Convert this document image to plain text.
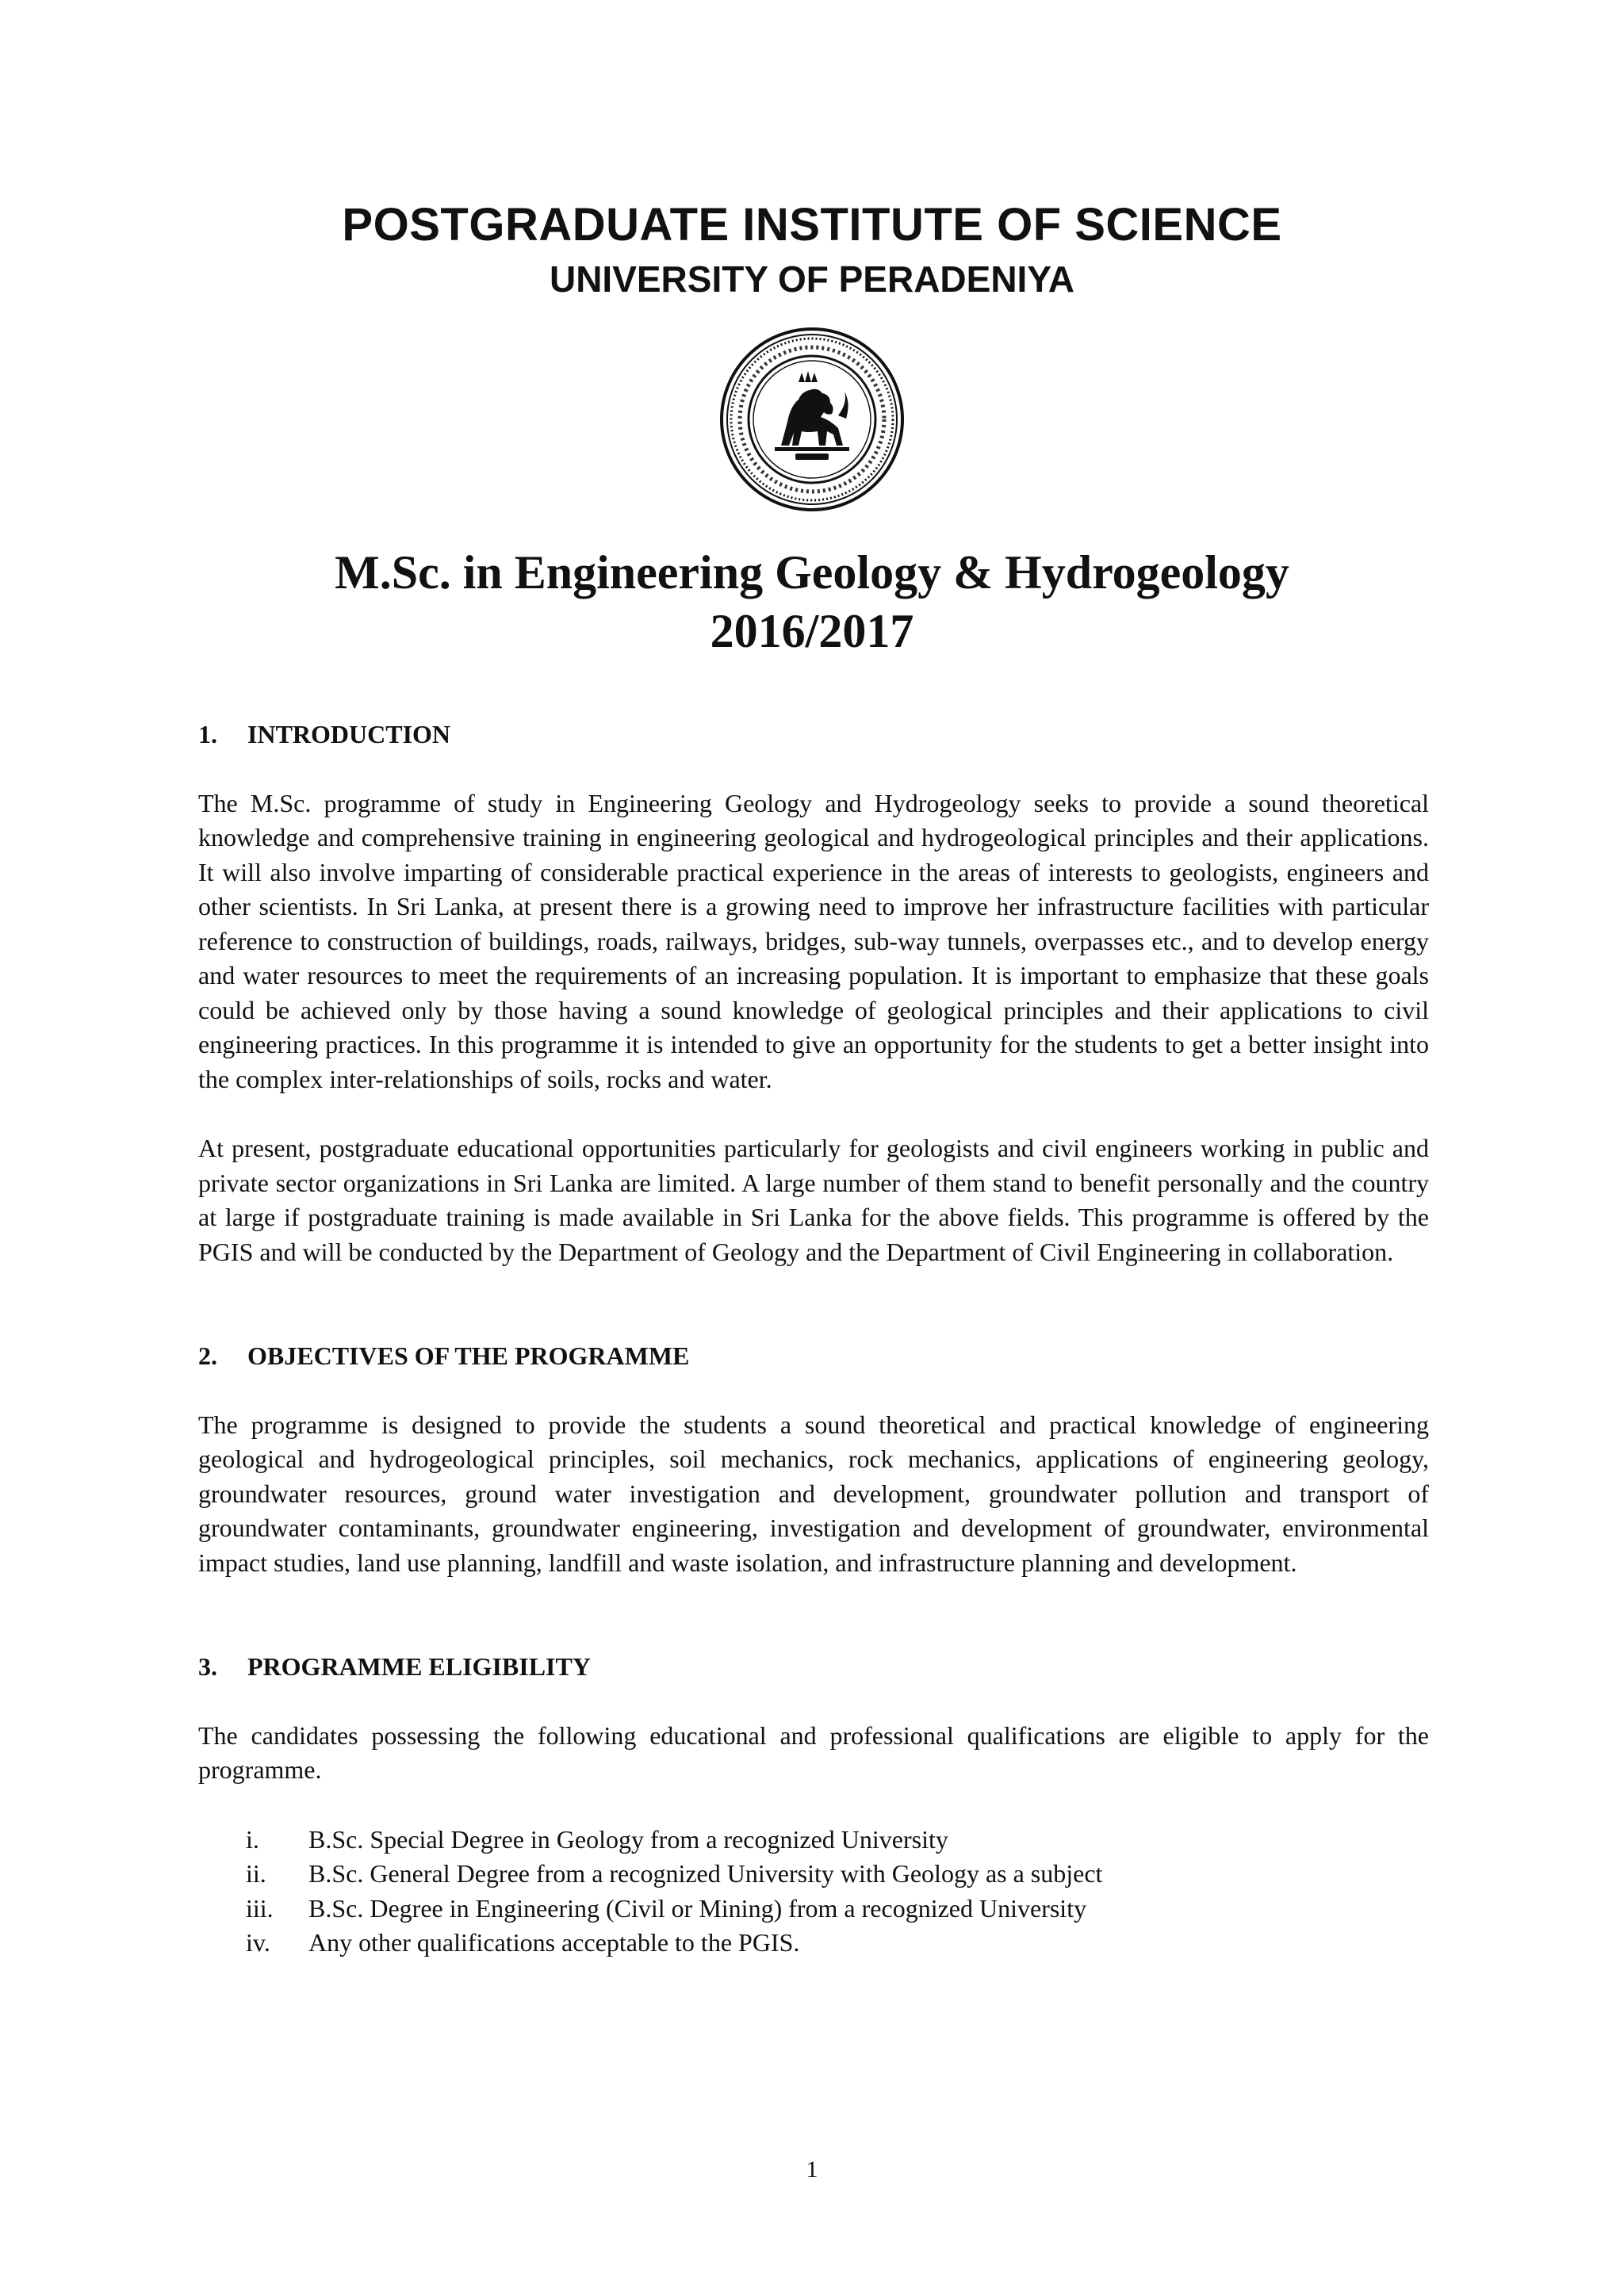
POSTGRADUATE INSTITUTE OF SCIENCE
UNIVERSITY OF PERADENIYA
M.Sc. in Engineering Geology & Hydrogeology
2016/2017
1. INTRODUCTION

The M.Sc. programme of study in Engineering Geology and Hydrogeology seeks to provide a sound theoretical knowledge and comprehensive training in engineering geological and hydrogeological principles and their applications. It will also involve imparting of considerable practical experience in the areas of interests to geologists, engineers and other scientists. In Sri Lanka, at present there is a growing need to improve her infrastructure facilities with particular reference to construction of buildings, roads, railways, bridges, sub-way tunnels, overpasses etc., and to develop energy and water resources to meet the requirements of an increasing population. It is important to emphasize that these goals could be achieved only by those having a sound knowledge of geological principles and their applications to civil engineering practices. In this programme it is intended to give an opportunity for the students to get a better insight into the complex inter-relationships of soils, rocks and water.

At present, postgraduate educational opportunities particularly for geologists and civil engineers working in public and private sector organizations in Sri Lanka are limited. A large number of them stand to benefit personally and the country at large if postgraduate training is made available in Sri Lanka for the above fields. This programme is offered by the PGIS and will be conducted by the Department of Geology and the Department of Civil Engineering in collaboration.

2. OBJECTIVES OF THE PROGRAMME

The programme is designed to provide the students a sound theoretical and practical knowledge of engineering geological and hydrogeological principles, soil mechanics, rock mechanics, applications of engineering geology, groundwater resources, ground water investigation and development, groundwater pollution and transport of groundwater contaminants, groundwater engineering, investigation and development of groundwater, environmental impact studies, land use planning, landfill and waste isolation, and infrastructure planning and development.

3. PROGRAMME ELIGIBILITY

The candidates possessing the following educational and professional qualifications are eligible to apply for the programme.

i. B.Sc. Special Degree in Geology from a recognized University
ii. B.Sc. General Degree from a recognized University with Geology as a subject
iii. B.Sc. Degree in Engineering (Civil or Mining) from a recognized University
iv. Any other qualifications acceptable to the PGIS.
1
